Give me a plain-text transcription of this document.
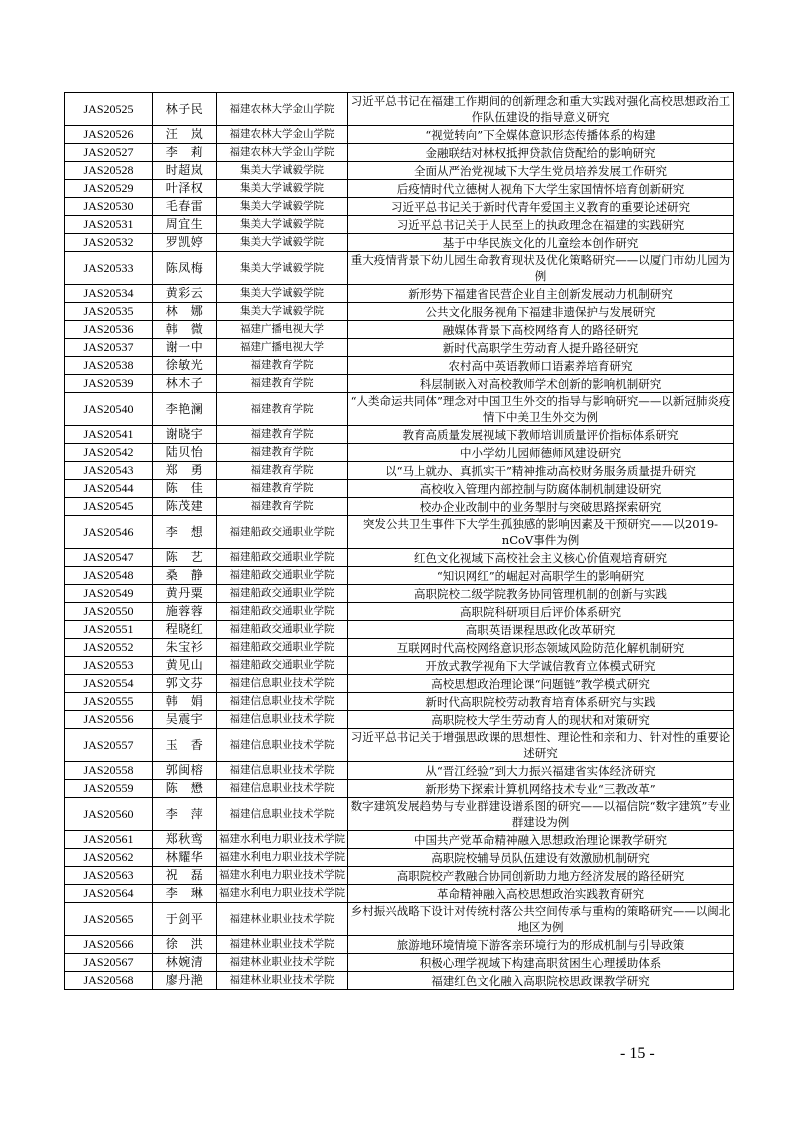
JAS20525	林子民	福建农林大学金山学院	习近平总书记在福建工作期间的创新理念和重大实践对强化高校思想政治工作队伍建设的指导意义研究
JAS20526	汪　岚	福建农林大学金山学院	“视觉转向”下全媒体意识形态传播体系的构建
JAS20527	李　莉	福建农林大学金山学院	金融联结对林权抵押贷款信贷配给的影响研究
JAS20528	时超岚	集美大学诚毅学院	全面从严治党视域下大学生党员培养发展工作研究
JAS20529	叶泽权	集美大学诚毅学院	后疫情时代立德树人视角下大学生家国情怀培育创新研究
JAS20530	毛春雷	集美大学诚毅学院	习近平总书记关于新时代青年爱国主义教育的重要论述研究
JAS20531	周宜生	集美大学诚毅学院	习近平总书记关于人民至上的执政理念在福建的实践研究
JAS20532	罗凯婷	集美大学诚毅学院	基于中华民族文化的儿童绘本创作研究
JAS20533	陈凤梅	集美大学诚毅学院	重大疫情背景下幼儿园生命教育现状及优化策略研究——以厦门市幼儿园为例
JAS20534	黄彩云	集美大学诚毅学院	新形势下福建省民营企业自主创新发展动力机制研究
JAS20535	林　娜	集美大学诚毅学院	公共文化服务视角下福建非遗保护与发展研究
JAS20536	韩　微	福建广播电视大学	融媒体背景下高校网络育人的路径研究
JAS20537	谢一中	福建广播电视大学	新时代高职学生劳动育人提升路径研究
JAS20538	徐敏光	福建教育学院	农村高中英语教师口语素养培育研究
JAS20539	林木子	福建教育学院	科层制嵌入对高校教师学术创新的影响机制研究
JAS20540	李艳澜	福建教育学院	“人类命运共同体”理念对中国卫生外交的指导与影响研究——以新冠肺炎疫情下中美卫生外交为例
JAS20541	谢晓宇	福建教育学院	教育高质量发展视域下教师培训质量评价指标体系研究
JAS20542	陆贝怡	福建教育学院	中小学幼儿园师德师风建设研究
JAS20543	郑　勇	福建教育学院	以“马上就办、真抓实干”精神推动高校财务服务质量提升研究
JAS20544	陈　佳	福建教育学院	高校收入管理内部控制与防腐体制机制建设研究
JAS20545	陈茂建	福建教育学院	校办企业改制中的业务掣肘与突破思路探索研究
JAS20546	李　想	福建船政交通职业学院	突发公共卫生事件下大学生孤独感的影响因素及干预研究——以2019-nCoV事件为例
JAS20547	陈　艺	福建船政交通职业学院	红色文化视域下高校社会主义核心价值观培育研究
JAS20548	桑　静	福建船政交通职业学院	“知识网红”的崛起对高职学生的影响研究
JAS20549	黄丹粟	福建船政交通职业学院	高职院校二级学院教务协同管理机制的创新与实践
JAS20550	施蓉蓉	福建船政交通职业学院	高职院科研项目后评价体系研究
JAS20551	程晓红	福建船政交通职业学院	高职英语课程思政化改革研究
JAS20552	朱宝衫	福建船政交通职业学院	互联网时代高校网络意识形态领域风险防范化解机制研究
JAS20553	黄见山	福建船政交通职业学院	开放式教学视角下大学诚信教育立体模式研究
JAS20554	郭文芬	福建信息职业技术学院	高校思想政治理论课“问题链”教学模式研究
JAS20555	韩　娟	福建信息职业技术学院	新时代高职院校劳动教育培育体系研究与实践
JAS20556	吴震宇	福建信息职业技术学院	高职院校大学生劳动育人的现状和对策研究
JAS20557	玉　香	福建信息职业技术学院	习近平总书记关于增强思政课的思想性、理论性和亲和力、针对性的重要论述研究
JAS20558	郭闽榕	福建信息职业技术学院	从“晋江经验”到大力振兴福建省实体经济研究
JAS20559	陈　懋	福建信息职业技术学院	新形势下探索计算机网络技术专业“三教改革”
JAS20560	李　萍	福建信息职业技术学院	数字建筑发展趋势与专业群建设谱系图的研究——以福信院“数字建筑”专业群建设为例
JAS20561	郑秋鸾	福建水利电力职业技术学院	中国共产党革命精神融入思想政治理论课教学研究
JAS20562	林耀华	福建水利电力职业技术学院	高职院校辅导员队伍建设有效激励机制研究
JAS20563	祝　磊	福建水利电力职业技术学院	高职院校产教融合协同创新助力地方经济发展的路径研究
JAS20564	李　琳	福建水利电力职业技术学院	革命精神融入高校思想政治实践教育研究
JAS20565	于剑平	福建林业职业技术学院	乡村振兴战略下设计对传统村落公共空间传承与重构的策略研究——以闽北地区为例
JAS20566	徐　洪	福建林业职业技术学院	旅游地环境情境下游客亲环境行为的形成机制与引导政策
JAS20567	林婉清	福建林业职业技术学院	积极心理学视域下构建高职贫困生心理援助体系
JAS20568	廖丹滟	福建林业职业技术学院	福建红色文化融入高职院校思政课教学研究
- 15 -
